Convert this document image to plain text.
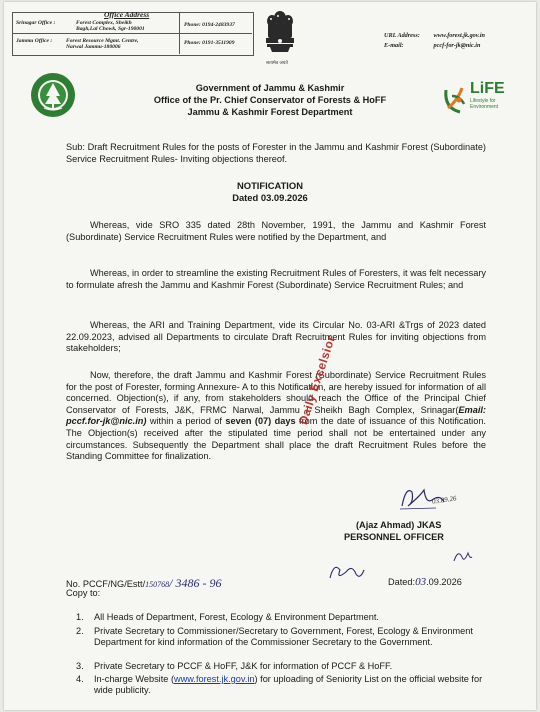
Office Address
Srinagar Office :	Forest Complex, Sheikh
Bagh,Lal Chowk, Sgr-190001
Phone: 0194-2483937
Jammu Office : Forest Resource Mgmt. Centre,
Narwal Jammu-180006
Phone: 0191-3511909
सत्यमेव जयते
URL Address: www.forest.jk.gov.in
E-mail:	pccf-for-jk@nic.in
LiFE
Lifestyle for
Environment
Government of Jammu & Kashmir
Office of the Pr. Chief Conservator of Forests & HoFF
Jammu & Kashmir Forest Department
Sub: Draft Recruitment Rules for the posts of Forester in the Jammu and Kashmir Forest (Subordinate) Service Recruitment Rules- Inviting objections thereof.
NOTIFICATION
Dated 03.09.2026
Whereas, vide SRO 335 dated 28th November, 1991, the Jammu and Kashmir Forest (Subordinate) Service Recruitment Rules were notified by the Department, and
Whereas, in order to streamline the existing Recruitment Rules of Foresters, it was felt necessary to formulate afresh the Jammu and Kashmir Forest (Subordinate) Service Recruitment Rules; and
Whereas, the ARI and Training Department, vide its Circular No. 03-ARI &Trgs of 2023 dated 22.09.2023, advised all Departments to circulate Draft Recruitment Rules for inviting objections from stakeholders;
Now, therefore, the draft Jammu and Kashmir Forest (Subordinate) Service Recruitment Rules for the post of Forester, forming Annexure- A to this Notification, are hereby issued for information of all concerned. Objection(s), if any, from stakeholders should reach the Office of the Principal Chief Conservator of Forests, J&K, FRMC Narwal, Jammu / Sheikh Bagh Complex, Srinagar(Email: pccf.for-jk@nic.in) within a period of seven (07) days from the date of issuance of this Notification. The Objection(s) received after the stipulated time period shall not be entertained under any circumstances. Subsequently the Department shall place the draft Recruitment Rules before the Standing Committee for finalization.
Daily Excelsior
03.09.26
(Ajaz Ahmad) JKAS
PERSONNEL OFFICER
No. PCCF/NG/Estt/150768/ 3486 - 96	Dated:03.09.2026
Copy to:
1.	All Heads of Department, Forest, Ecology & Environment Department.
2.	Private Secretary to Commissioner/Secretary to Government, Forest, Ecology & Environment Department for kind information of the Commissioner Secretary to the Government.
3.	Private Secretary to PCCF & HoFF, J&K for information of PCCF & HoFF.
4.	In-charge Website (www.forest.jk.gov.in) for uploading of Seniority List on the official website for wide publicity.
